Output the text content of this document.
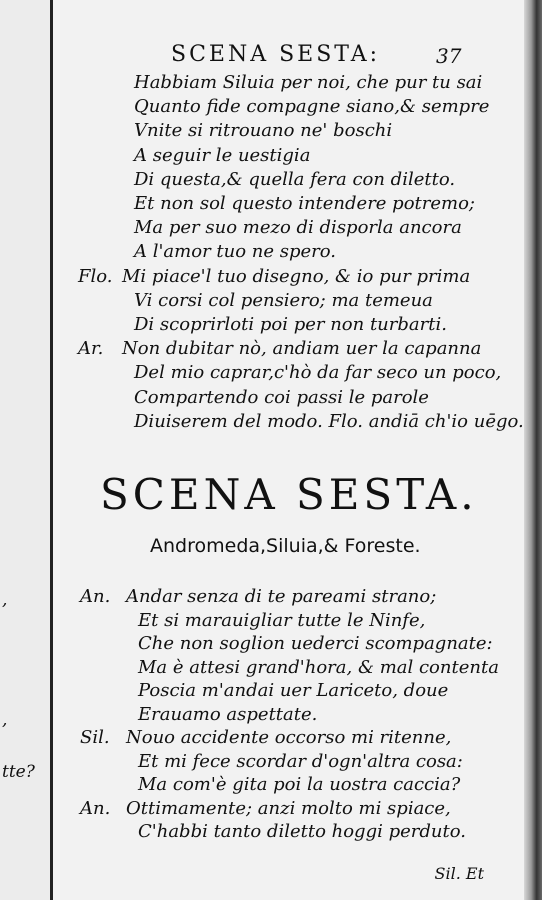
,
,
tte?
SCENA SESTA:	37
Habbiam Siluia per noi, che pur tu sai
Quanto fide compagne siano,& sempre
Vnite si ritrouano ne' boschi
A seguir le uestigia
Di questa,& quella fera con diletto.
Et non sol questo intendere potremo;
Ma per suo mezo di disporla ancora
A l'amor tuo ne spero.
Flo. Mi piace'l tuo disegno, & io pur prima
Vi corsi col pensiero; ma temeua
Di scoprirloti poi per non turbarti.
Ar. Non dubitar nò, andiam uer la capanna
Del mio caprar,c'hò da far seco un poco,
Compartendo coi passi le parole
Diuiserem del modo. Flo. andiā ch'io uēgo.
SCENA SESTA.
Andromeda,Siluia,& Foreste.
An. Andar senza di te pareami strano;
Et si marauigliar tutte le Ninfe,
Che non soglion uederci scompagnate:
Ma è attesi grand'hora, & mal contenta
Poscia m'andai uer Lariceto, doue
Erauamo aspettate.
Sil. Nouo accidente occorso mi ritenne,
Et mi fece scordar d'ogn'altra cosa:
Ma com'è gita poi la uostra caccia?
An. Ottimamente; anzi molto mi spiace,
C'habbi tanto diletto hoggi perduto.
Sil. Et
